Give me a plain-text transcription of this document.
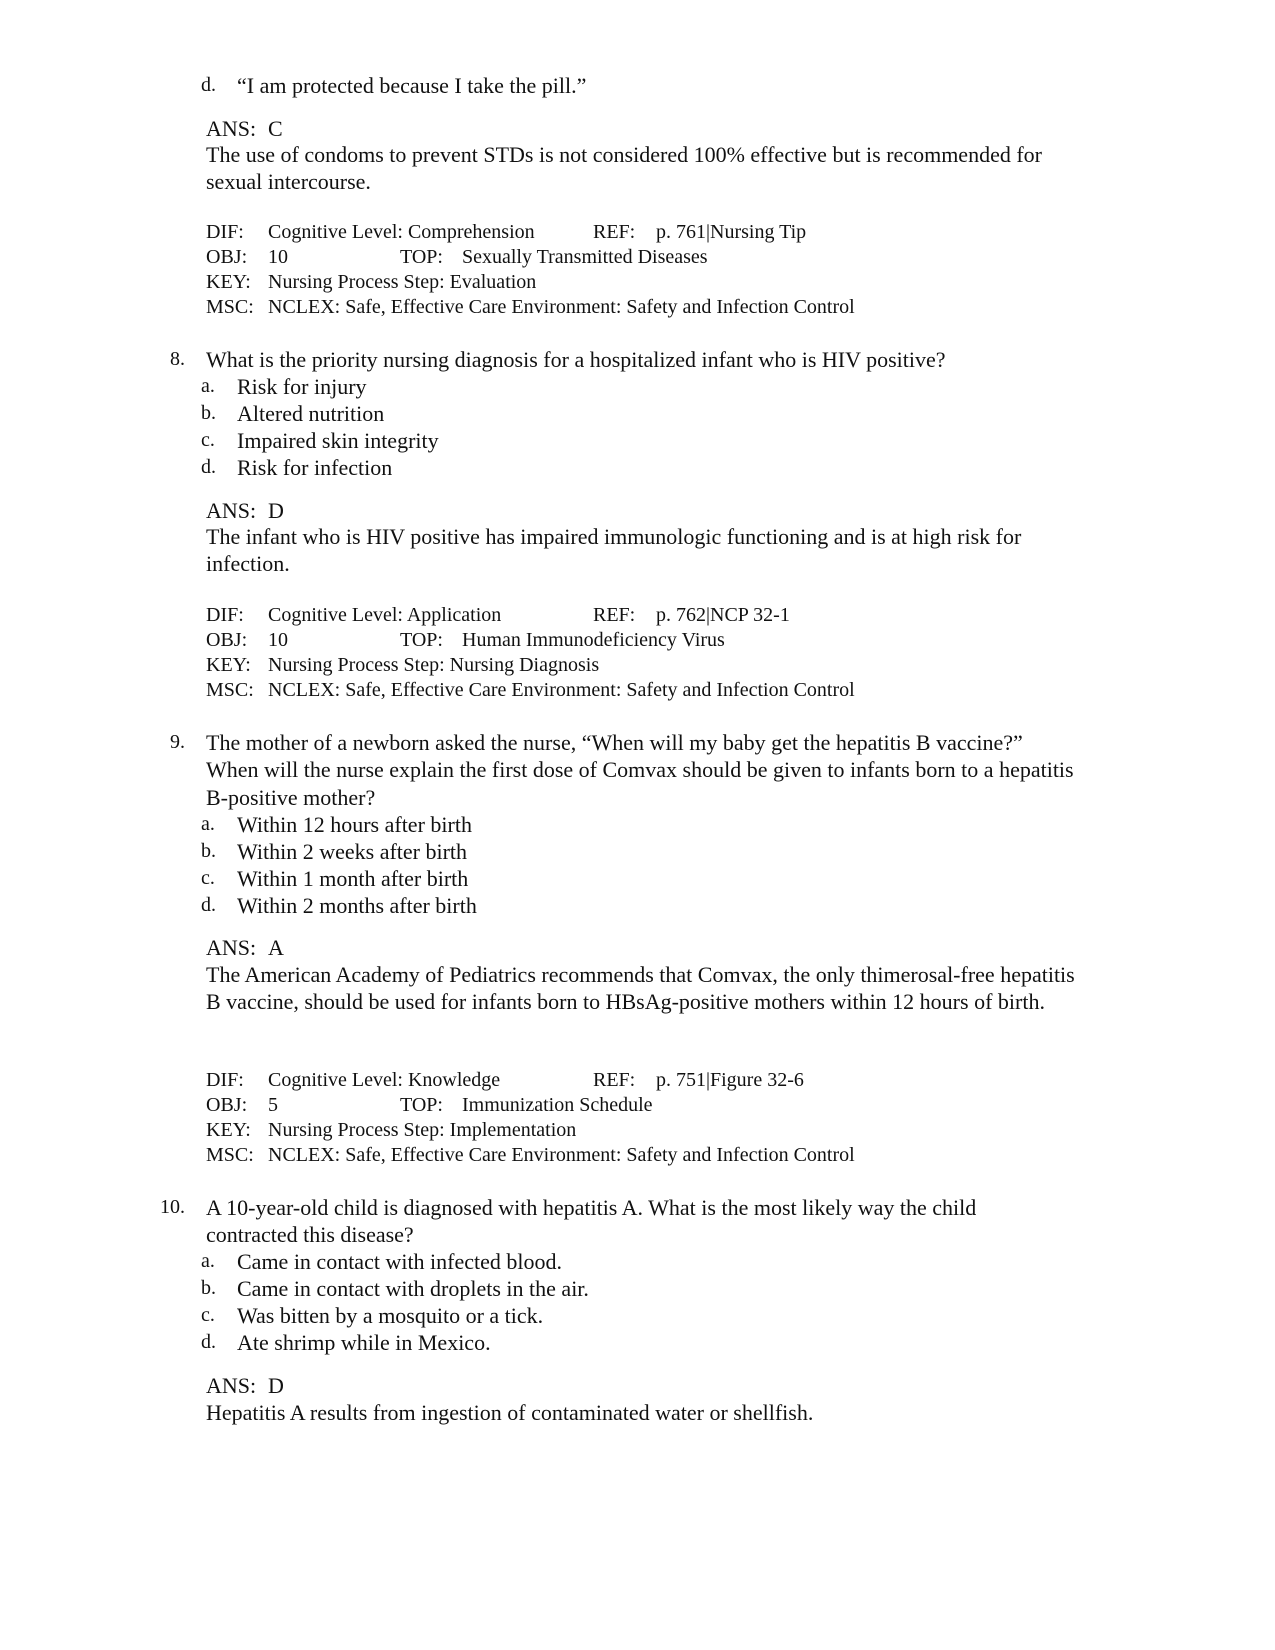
d. “I am protected because I take the pill.”
ANS: C
The use of condoms to prevent STDs is not considered 100% effective but is recommended for sexual intercourse.
DIF: Cognitive Level: Comprehension	REF: p. 761|Nursing Tip
OBJ: 10	TOP: Sexually Transmitted Diseases
KEY: Nursing Process Step: Evaluation
MSC: NCLEX: Safe, Effective Care Environment: Safety and Infection Control
8. What is the priority nursing diagnosis for a hospitalized infant who is HIV positive?
a. Risk for injury
b. Altered nutrition
c. Impaired skin integrity
d. Risk for infection
ANS: D
The infant who is HIV positive has impaired immunologic functioning and is at high risk for infection.
DIF: Cognitive Level: Application	REF: p. 762|NCP 32-1
OBJ: 10	TOP: Human Immunodeficiency Virus
KEY: Nursing Process Step: Nursing Diagnosis
MSC: NCLEX: Safe, Effective Care Environment: Safety and Infection Control
9. The mother of a newborn asked the nurse, “When will my baby get the hepatitis B vaccine?” When will the nurse explain the first dose of Comvax should be given to infants born to a hepatitis B-positive mother?
a. Within 12 hours after birth
b. Within 2 weeks after birth
c. Within 1 month after birth
d. Within 2 months after birth
ANS: A
The American Academy of Pediatrics recommends that Comvax, the only thimerosal-free hepatitis B vaccine, should be used for infants born to HBsAg-positive mothers within 12 hours of birth.
DIF: Cognitive Level: Knowledge	REF: p. 751|Figure 32-6
OBJ: 5	TOP: Immunization Schedule
KEY: Nursing Process Step: Implementation
MSC: NCLEX: Safe, Effective Care Environment: Safety and Infection Control
10. A 10-year-old child is diagnosed with hepatitis A. What is the most likely way the child contracted this disease?
a. Came in contact with infected blood.
b. Came in contact with droplets in the air.
c. Was bitten by a mosquito or a tick.
d. Ate shrimp while in Mexico.
ANS: D
Hepatitis A results from ingestion of contaminated water or shellfish.
